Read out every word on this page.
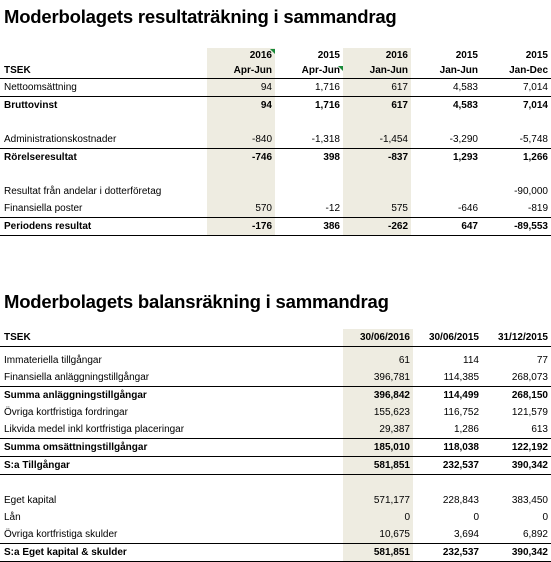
Moderbolagets resultaträkning i sammandrag
	2016	2015	2016	2015	2015
TSEK	Apr-Jun	Apr-Jun	Jan-Jun	Jan-Jun	Jan-Dec
Nettoomsättning	94	1,716	617	4,583	7,014
Bruttovinst	94	1,716	617	4,583	7,014

Administrationskostnader	-840	-1,318	-1,454	-3,290	-5,748
Rörelseresultat	-746	398	-837	1,293	1,266

Resultat från andelar i dotterföretag					-90,000
Finansiella poster	570	-12	575	-646	-819
Periodens resultat	-176	386	-262	647	-89,553
Moderbolagets balansräkning i sammandrag
TSEK	30/06/2016	30/06/2015	31/12/2015

Immateriella tillgångar	61	114	77
Finansiella anläggningstillgångar	396,781	114,385	268,073
Summa anläggningstillgångar	396,842	114,499	268,150
Övriga kortfristiga fordringar	155,623	116,752	121,579
Likvida medel inkl kortfristiga placeringar	29,387	1,286	613
Summa omsättningstillgångar	185,010	118,038	122,192
S:a Tillgångar	581,851	232,537	390,342

Eget kapital	571,177	228,843	383,450
Lån	0	0	0
Övriga kortfristiga skulder	10,675	3,694	6,892
S:a Eget kapital & skulder	581,851	232,537	390,342
